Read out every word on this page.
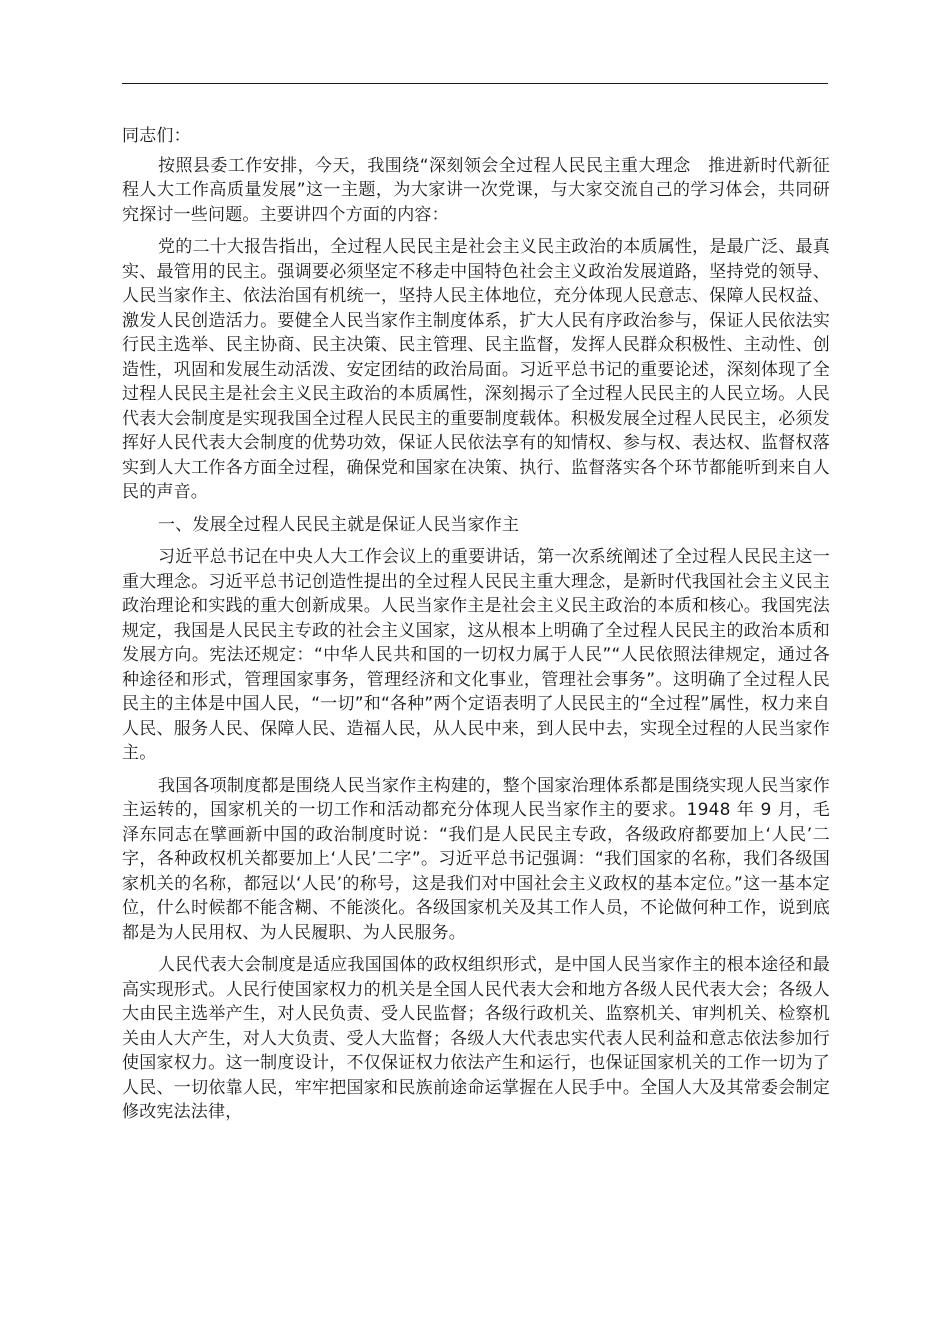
同志们：

按照县委工作安排，今天，我围绕“深刻领会全过程人民民主重大理念　推进新时代新征程人大工作高质量发展”这一主题，为大家讲一次党课，与大家交流自己的学习体会，共同研究探讨一些问题。主要讲四个方面的内容：

党的二十大报告指出，全过程人民民主是社会主义民主政治的本质属性，是最广泛、最真实、最管用的民主。强调要必须坚定不移走中国特色社会主义政治发展道路，坚持党的领导、人民当家作主、依法治国有机统一，坚持人民主体地位，充分体现人民意志、保障人民权益、激发人民创造活力。要健全人民当家作主制度体系，扩大人民有序政治参与，保证人民依法实行民主选举、民主协商、民主决策、民主管理、民主监督，发挥人民群众积极性、主动性、创造性，巩固和发展生动活泼、安定团结的政治局面。习近平总书记的重要论述，深刻体现了全过程人民民主是社会主义民主政治的本质属性，深刻揭示了全过程人民民主的人民立场。人民代表大会制度是实现我国全过程人民民主的重要制度载体。积极发展全过程人民民主，必须发挥好人民代表大会制度的优势功效，保证人民依法享有的知情权、参与权、表达权、监督权落实到人大工作各方面全过程，确保党和国家在决策、执行、监督落实各个环节都能听到来自人民的声音。

一、发展全过程人民民主就是保证人民当家作主

习近平总书记在中央人大工作会议上的重要讲话，第一次系统阐述了全过程人民民主这一重大理念。习近平总书记创造性提出的全过程人民民主重大理念，是新时代我国社会主义民主政治理论和实践的重大创新成果。人民当家作主是社会主义民主政治的本质和核心。我国宪法规定，我国是人民民主专政的社会主义国家，这从根本上明确了全过程人民民主的政治本质和发展方向。宪法还规定：“中华人民共和国的一切权力属于人民”“人民依照法律规定，通过各种途径和形式，管理国家事务，管理经济和文化事业，管理社会事务”。这明确了全过程人民民主的主体是中国人民，“一切”和“各种”两个定语表明了人民民主的“全过程”属性，权力来自人民、服务人民、保障人民、造福人民，从人民中来，到人民中去，实现全过程的人民当家作主。

我国各项制度都是围绕人民当家作主构建的，整个国家治理体系都是围绕实现人民当家作主运转的，国家机关的一切工作和活动都充分体现人民当家作主的要求。1948 年 9 月，毛泽东同志在擘画新中国的政治制度时说：“我们是人民民主专政，各级政府都要加上‘人民’二字，各种政权机关都要加上‘人民’二字”。习近平总书记强调：“我们国家的名称，我们各级国家机关的名称，都冠以‘人民’的称号，这是我们对中国社会主义政权的基本定位。”这一基本定位，什么时候都不能含糊、不能淡化。各级国家机关及其工作人员，不论做何种工作，说到底都是为人民用权、为人民履职、为人民服务。

人民代表大会制度是适应我国国体的政权组织形式，是中国人民当家作主的根本途径和最高实现形式。人民行使国家权力的机关是全国人民代表大会和地方各级人民代表大会；各级人大由民主选举产生，对人民负责、受人民监督；各级行政机关、监察机关、审判机关、检察机关由人大产生，对人大负责、受人大监督；各级人大代表忠实代表人民利益和意志依法参加行使国家权力。这一制度设计，不仅保证权力依法产生和运行，也保证国家机关的工作一切为了人民、一切依靠人民，牢牢把国家和民族前途命运掌握在人民手中。全国人大及其常委会制定修改宪法法律，
